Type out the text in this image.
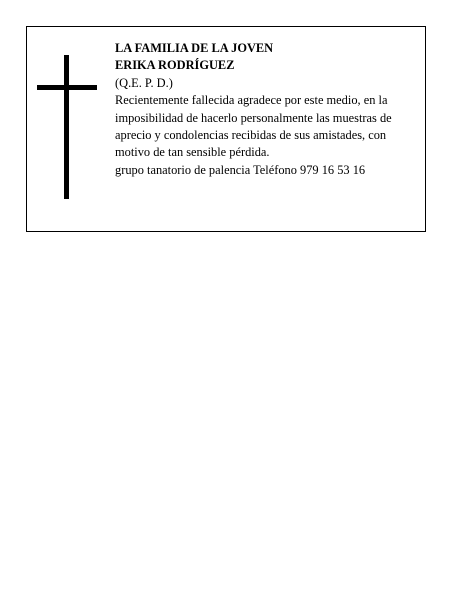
LA FAMILIA DE LA JOVEN
ERIKA RODRÍGUEZ
(Q.E. P. D.)
Recientemente fallecida agradece por este medio, en la imposibilidad de hacerlo personalmente las muestras de aprecio y condolencias recibidas de sus amistades, con motivo de tan sensible pérdida.
grupo tanatorio de palencia Teléfono 979 16 53 16
